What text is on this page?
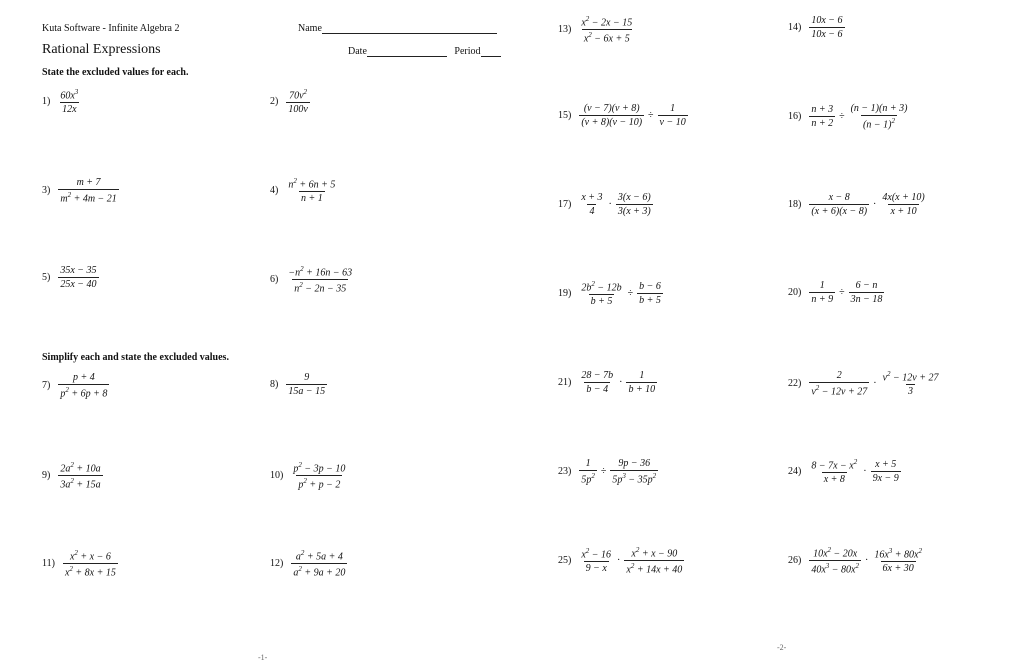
Kuta Software - Infinite Algebra 2	Name
Rational Expressions	Date	Period
State the excluded values for each.
$1) \frac{60x^3}{12x}$	$2) \frac{70v^2}{100v}$
$3) \frac{m + 7}{m^2 + 4m - 21}$	$4) \frac{n^2 + 6n + 5}{n + 1}$
$5) \frac{35x - 35}{25x - 40}$	$6) \frac{-n^2 + 16n - 63}{n^2 - 2n - 35}$
Simplify each and state the excluded values.
$7) \frac{p + 4}{p^2 + 6p + 8}$	$8) \frac{9}{15a - 15}$
$9) \frac{2a^2 + 10a}{3a^2 + 15a}$	$10) \frac{p^2 - 3p - 10}{p^2 + p - 2}$
$11) \frac{x^2 + x - 6}{x^2 + 8x + 15}$	$12) \frac{a^2 + 5a + 4}{a^2 + 9a + 20}$
-1-
$13) \frac{x^2 - 2x - 15}{x^2 - 6x + 5}$	$14) \frac{10x - 6}{10x - 6}$
$15) \frac{(v - 7)(v + 8)}{(v + 8)(v - 10)} \div \frac{1}{v - 10}$	$16) \frac{n + 3}{n + 2} \div \frac{(n - 1)(n + 3)}{(n - 1)^2}$
$17) \frac{x + 3}{4} \cdot \frac{3(x - 6)}{3(x + 3)}$	$18) \frac{x - 8}{(x + 6)(x - 8)} \cdot \frac{4x(x + 10)}{x + 10}$
$19) \frac{2b^2 - 12b}{b + 5} \div \frac{b - 6}{b + 5}$	$20) \frac{1}{n + 9} \div \frac{6 - n}{3n - 18}$
$21) \frac{28 - 7b}{b - 4} \cdot \frac{1}{b + 10}$	$22) \frac{2}{v^2 - 12v + 27} \cdot \frac{v^2 - 12v + 27}{3}$
$23) \frac{1}{5p^2} \div \frac{9p - 36}{5p^3 - 35p^2}$	$24) \frac{8 - 7x - x^2}{x + 8} \cdot \frac{x + 5}{9x - 9}$
$25) \frac{x^2 - 16}{9 - x} \cdot \frac{x^2 + x - 90}{x^2 + 14x + 40}$	$26) \frac{10x^2 - 20x}{40x^3 - 80x^2} \cdot \frac{16x^3 + 80x^2}{6x + 30}$
-2-
